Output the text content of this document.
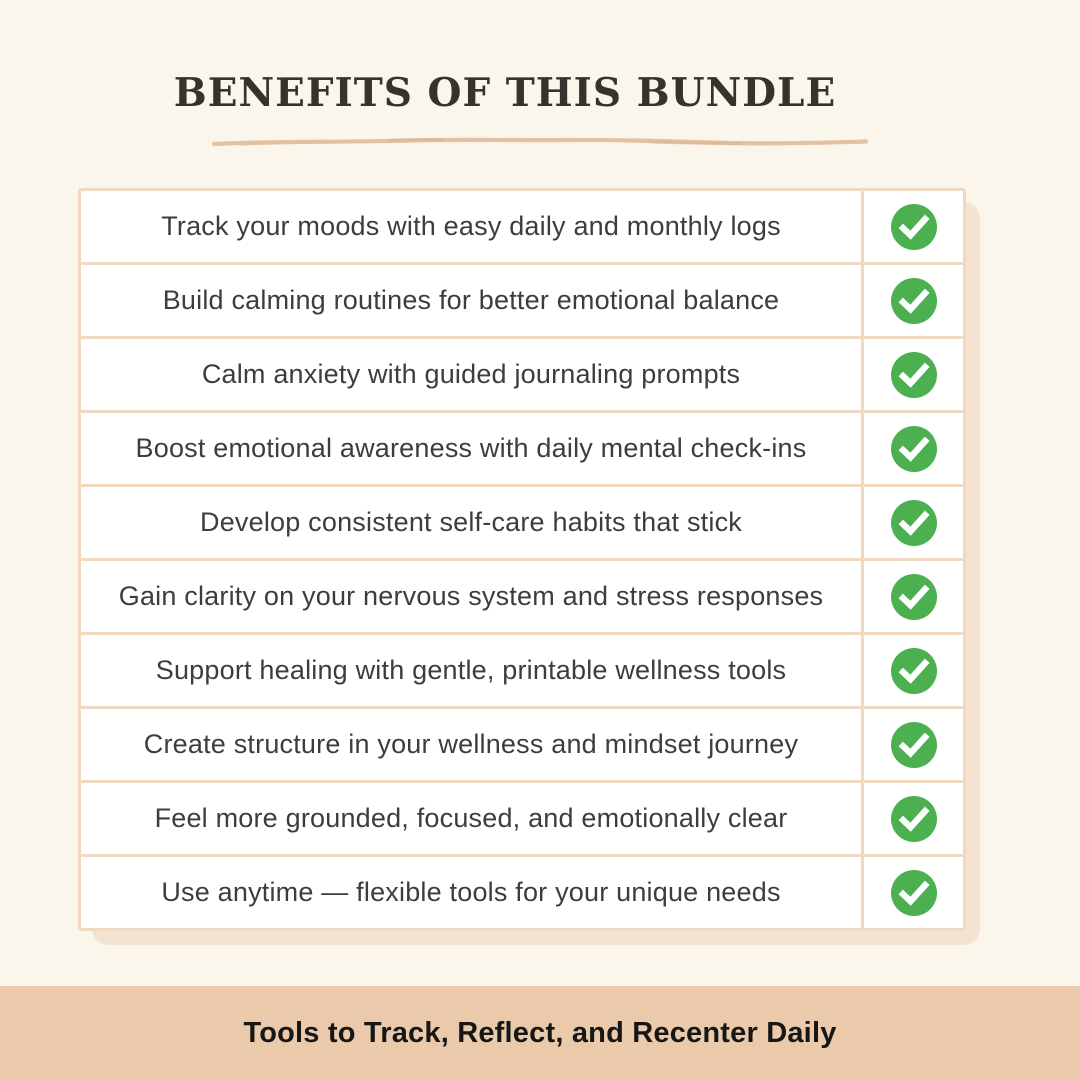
BENEFITS OF THIS BUNDLE
Track your moods with easy daily and monthly logs
Build calming routines for better emotional balance
Calm anxiety with guided journaling prompts
Boost emotional awareness with daily mental check-ins
Develop consistent self-care habits that stick
Gain clarity on your nervous system and stress responses
Support healing with gentle, printable wellness tools
Create structure in your wellness and mindset journey
Feel more grounded, focused, and emotionally clear
Use anytime — flexible tools for your unique needs
Tools to Track, Reflect, and Recenter Daily
